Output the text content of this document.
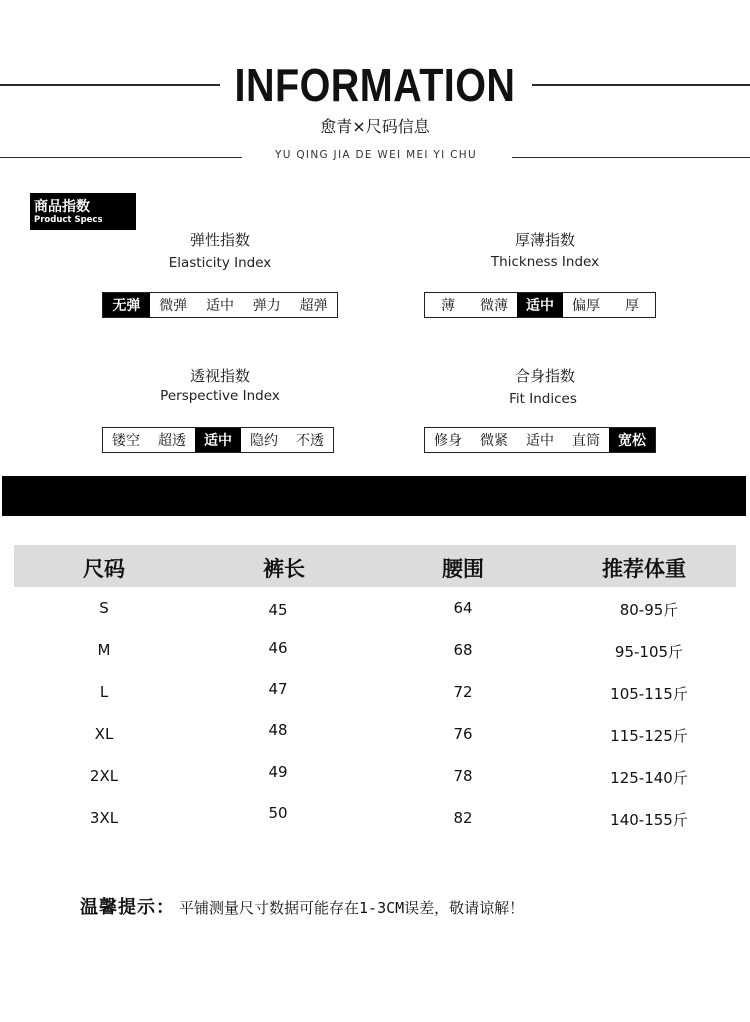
INFORMATION
愈青×尺码信息
YU QING JIA DE WEI MEI YI CHU
商品指数
Product Specs
弹性指数
Elasticity Index
无弹	微弹	适中	弹力	超弹
厚薄指数
Thickness Index
薄	微薄	适中	偏厚	厚
透视指数
Perspective Index
镂空	超透	适中	隐约	不透
合身指数
Fit Indices
修身	微紧	适中	直筒	宽松
尺码	裤长	腰围	推荐体重
S	45	64	80-95斤
M	46	68	95-105斤
L	47	72	105-115斤
XL	48	76	115-125斤
2XL	49	78	125-140斤
3XL	50	82	140-155斤
温馨提示： 平铺测量尺寸数据可能存在1-3CM误差，敬请谅解！
